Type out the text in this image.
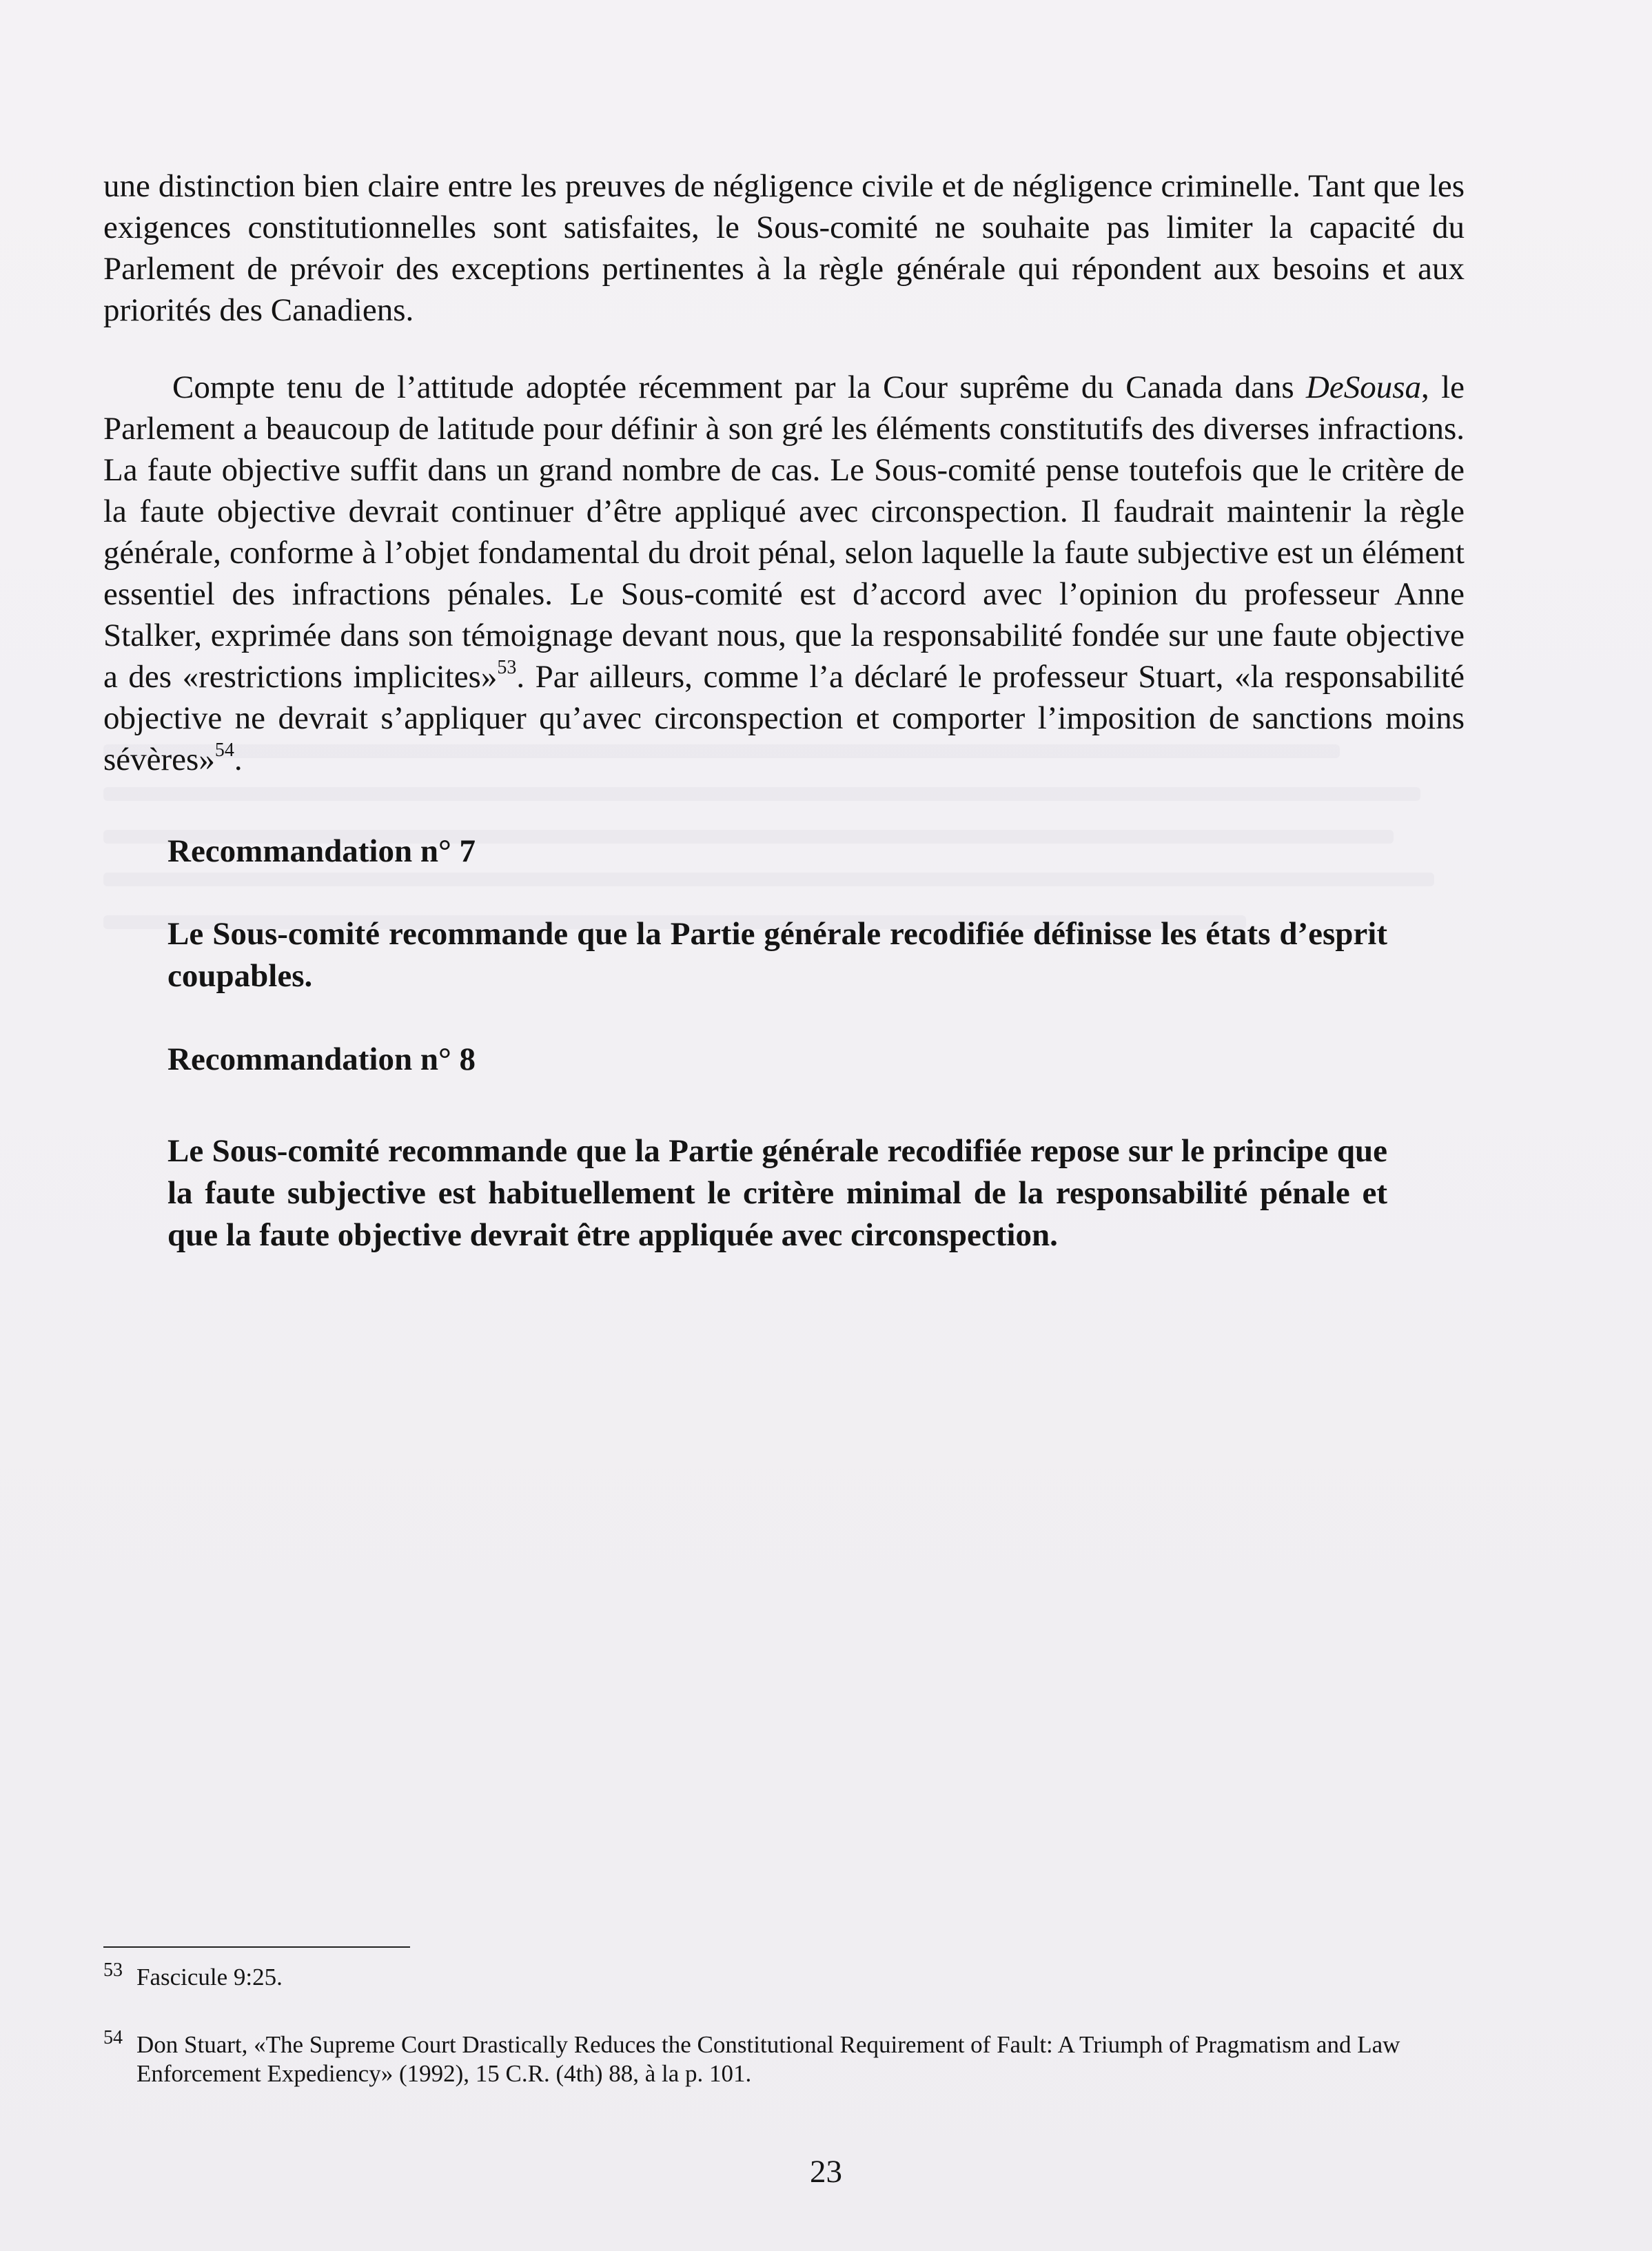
une distinction bien claire entre les preuves de négligence civile et de négligence criminelle. Tant que les exigences constitutionnelles sont satisfaites, le Sous-comité ne souhaite pas limiter la capacité du Parlement de prévoir des exceptions pertinentes à la règle générale qui répondent aux besoins et aux priorités des Canadiens.

Compte tenu de l’attitude adoptée récemment par la Cour suprême du Canada dans DeSousa, le Parlement a beaucoup de latitude pour définir à son gré les éléments constitutifs des diverses infractions. La faute objective suffit dans un grand nombre de cas. Le Sous-comité pense toutefois que le critère de la faute objective devrait continuer d’être appliqué avec circonspection. Il faudrait maintenir la règle générale, conforme à l’objet fondamental du droit pénal, selon laquelle la faute subjective est un élément essentiel des infractions pénales. Le Sous-comité est d’accord avec l’opinion du professeur Anne Stalker, exprimée dans son témoignage devant nous, que la responsabilité fondée sur une faute objective a des «restrictions implicites»$^{53}$. Par ailleurs, comme l’a déclaré le professeur Stuart, «la responsabilité objective ne devrait s’appliquer qu’avec circonspection et comporter l’imposition de sanctions moins sévères»$^{54}$.

Recommandation n° 7

Le Sous-comité recommande que la Partie générale recodifiée définisse les états d’esprit coupables.

Recommandation n° 8

Le Sous-comité recommande que la Partie générale recodifiée repose sur le principe que la faute subjective est habituellement le critère minimal de la responsabilité pénale et que la faute objective devrait être appliquée avec circonspection.

53 Fascicule 9:25.

54 Don Stuart, «The Supreme Court Drastically Reduces the Constitutional Requirement of Fault: A Triumph of Pragmatism and Law Enforcement Expediency» (1992), 15 C.R. (4th) 88, à la p. 101.

23
